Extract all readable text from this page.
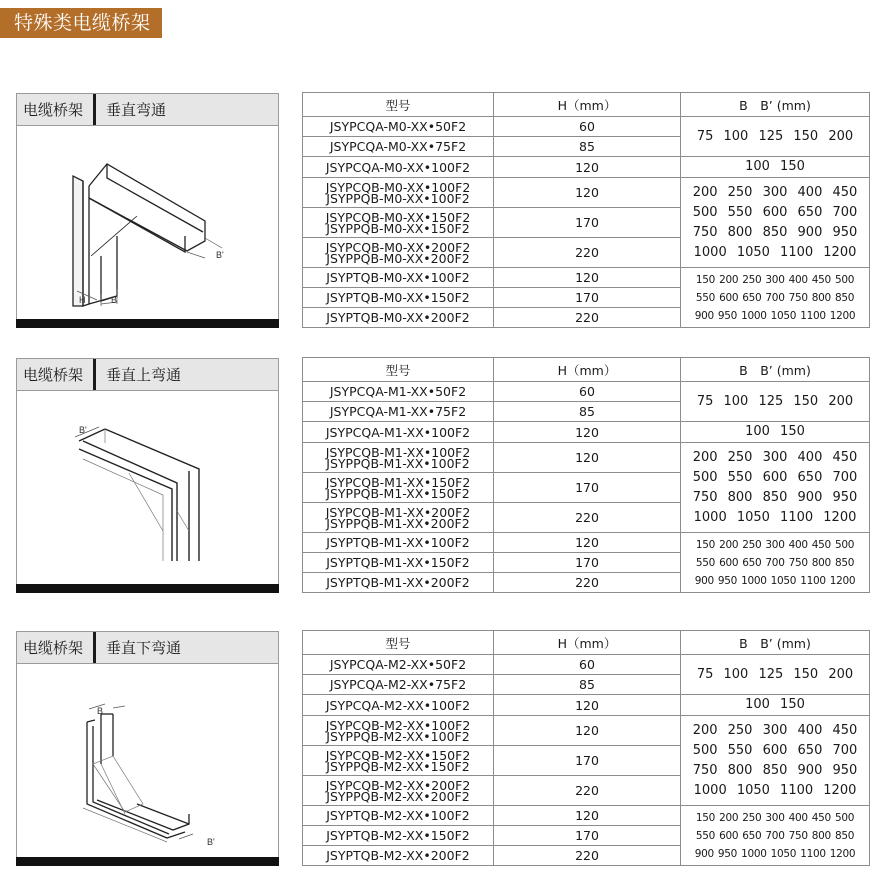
特殊类电缆桥架
电缆桥架	垂直弯通
H	B
B'
型号	H（mm）	B　B’ (mm)
JSYPCQA-M0-XX•50F2	60	75 100 125 150 200

JSYPCQA-M0-XX•75F2	85	
JSYPCQA-M0-XX•100F2	120	100 150

JSYPCQB-M0-XX•100F2
JSYPPQB-M0-XX•100F2	120	200 250 300 400 450
500 550 600 650 700
750 800 850 900 950
1000 1050 1100 1200

JSYPCQB-M0-XX•150F2
JSYPPQB-M0-XX•150F2	170	

JSYPCQB-M0-XX•200F2
JSYPPQB-M0-XX•200F2	220	
JSYPTQB-M0-XX•100F2	120	150 200 250 300 400 450 500
550 600 650 700 750 800 850
900 950 1000 1050 1100 1200

JSYPTQB-M0-XX•150F2	170	
JSYPTQB-M0-XX•200F2	220	
电缆桥架	垂直上弯通
B'
型号	H（mm）	B　B’ (mm)
JSYPCQA-M1-XX•50F2	60	75 100 125 150 200

JSYPCQA-M1-XX•75F2	85	
JSYPCQA-M1-XX•100F2	120	100 150

JSYPCQB-M1-XX•100F2
JSYPPQB-M1-XX•100F2	120	200 250 300 400 450
500 550 600 650 700
750 800 850 900 950
1000 1050 1100 1200

JSYPCQB-M1-XX•150F2
JSYPPQB-M1-XX•150F2	170	

JSYPCQB-M1-XX•200F2
JSYPPQB-M1-XX•200F2	220	
JSYPTQB-M1-XX•100F2	120	150 200 250 300 400 450 500
550 600 650 700 750 800 850
900 950 1000 1050 1100 1200

JSYPTQB-M1-XX•150F2	170	
JSYPTQB-M1-XX•200F2	220	
电缆桥架	垂直下弯通
B
B'
型号	H（mm）	B　B’ (mm)
JSYPCQA-M2-XX•50F2	60	75 100 125 150 200

JSYPCQA-M2-XX•75F2	85	
JSYPCQA-M2-XX•100F2	120	100 150

JSYPCQB-M2-XX•100F2
JSYPPQB-M2-XX•100F2	120	200 250 300 400 450
500 550 600 650 700
750 800 850 900 950
1000 1050 1100 1200

JSYPCQB-M2-XX•150F2
JSYPPQB-M2-XX•150F2	170	

JSYPCQB-M2-XX•200F2
JSYPPQB-M2-XX•200F2	220	
JSYPTQB-M2-XX•100F2	120	150 200 250 300 400 450 500
550 600 650 700 750 800 850
900 950 1000 1050 1100 1200

JSYPTQB-M2-XX•150F2	170	
JSYPTQB-M2-XX•200F2	220	
